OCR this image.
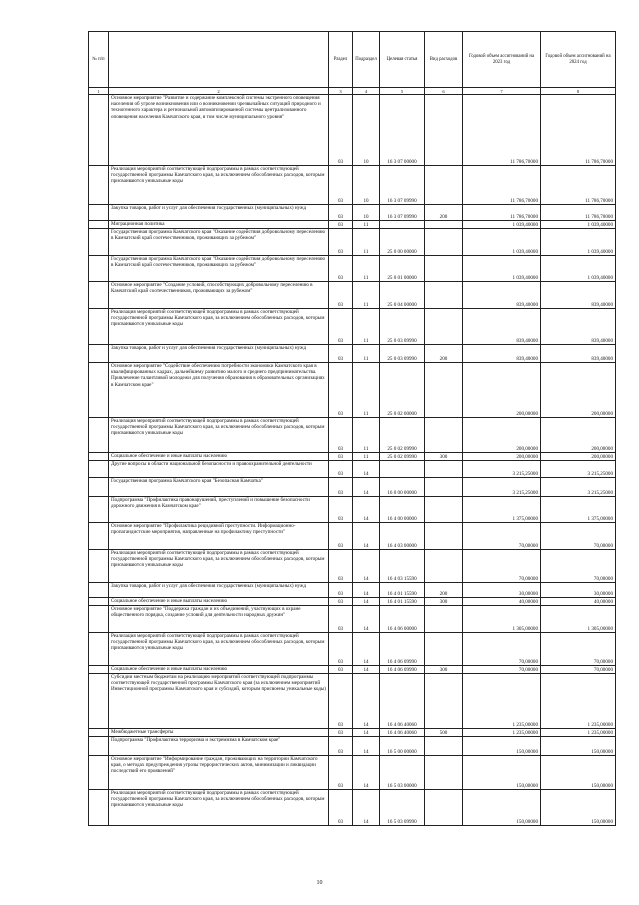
№ п/п		Раздел	Подраздел	Целевая статья	Вид расходов	Годовой объем ассигнований на 2023 год	Годовой объем ассигнований на 2024 год
1	2	3	4	5	6	7	8
	Основное мероприятие "Развитие и содержание комплексной системы экстренного оповещения населения об угрозе возникновения или о возникновении чрезвычайных ситуаций природного и техногенного характера и региональной автоматизированной системы централизованного оповещения населения Камчатского края, в том числе муниципального уровня"	03	10	16 3 07 00000		11 786,70000	11 786,70000
	Реализация мероприятий соответствующей подпрограммы в рамках соответствующей государственной программы Камчатского края, за исключением обособленных расходов, которым присваиваются уникальные коды	03	10	16 3 07 09990		11 786,70000	11 786,70000
	Закупка товаров, работ и услуг для обеспечения государственных (муниципальных) нужд	03	10	16 3 07 09990	200	11 786,70000	11 786,70000
	Миграционная политика	03	11			1 039,40000	1 039,40000
	Государственная программа Камчатского края "Оказание содействия добровольному переселению в Камчатский край соотечественников, проживающих за рубежом"	03	11	25 0 00 00000		1 039,40000	1 039,40000
	Государственная программа Камчатского края "Оказание содействия добровольному переселению в Камчатский край соотечественников, проживающих за рубежом"	03	11	25 0 01 00000		1 039,40000	1 039,40000
	Основное мероприятие "Создание условий, способствующих добровольному переселению в Камчатский край соотечественников, проживающих за рубежом"	03	11	25 0 04 00000		839,40000	839,40000
	Реализация мероприятий соответствующей подпрограммы в рамках соответствующей государственной программы Камчатского края, за исключением обособленных расходов, которым присваиваются уникальные коды	03	11	25 0 03 09990		839,40000	839,40000
	Закупка товаров, работ и услуг для обеспечения государственных (муниципальных) нужд	03	11	25 0 03 09990	200	839,40000	839,40000
	Основное мероприятие "Содействие обеспечению потребности экономики Камчатского края в квалифицированных кадрах, дальнейшему развитию малого и среднего предпринимательства. Привлечение талантливой молодежи для получения образования в образовательных организациях в Камчатском крае"	03	11	25 0 02 00000		200,00000	200,00000
	Реализация мероприятий соответствующей подпрограммы в рамках соответствующей государственной программы Камчатского края, за исключением обособленных расходов, которым присваиваются уникальные коды	03	11	25 0 02 09990		200,00000	200,00000
	Социальное обеспечение и иные выплаты населению	03	11	25 0 02 09990	300	200,00000	200,00000
	Другие вопросы в области национальной безопасности и правоохранительной деятельности	03	14			3 215,25000	3 215,25000
	Государственная программа Камчатского края "Безопасная Камчатка"	03	14	16 0 00 00000		3 215,25000	3 215,25000
	Подпрограмма "Профилактика правонарушений, преступлений и повышение безопасности дорожного движения в Камчатском крае"	03	14	16 4 00 00000		1 375,00000	1 375,00000
	Основное мероприятие "Профилактика рецидивной преступности. Информационно-пропагандистские мероприятия, направленные на профилактику преступности"	03	14	16 4 03 00000		70,00000	70,00000
	Реализация мероприятий соответствующей подпрограммы в рамках соответствующей государственной программы Камчатского края, за исключением обособленных расходов, которым присваиваются уникальные коды	03	14	16 4 03 15590		70,00000	70,00000
	Закупка товаров, работ и услуг для обеспечения государственных (муниципальных) нужд	03	14	16 4 01 15590	200	30,00000	30,00000
	Социальное обеспечение и иные выплаты населению	03	14	16 4 01 15590	300	40,00000	40,00000
	Основное мероприятие "Поддержка граждан и их объединений, участвующих в охране общественного порядка, создание условий для деятельности народных дружин"	03	14	16 4 06 00000		1 305,00000	1 305,00000
	Реализация мероприятий соответствующей подпрограммы в рамках соответствующей государственной программы Камчатского края, за исключением обособленных расходов, которым присваиваются уникальные коды	03	14	16 4 06 09990		70,00000	70,00000
	Социальное обеспечение и иные выплаты населению	03	14	16 4 06 09990	300	70,00000	70,00000
	Субсидии местным бюджетам на реализацию мероприятий соответствующей подпрограммы соответствующей государственной программы Камчатского края (за исключением мероприятий Инвестиционной программы Камчатского края и субсидий, которым присвоены уникальные коды)	03	14	16 4 06 40060		1 235,00000	1 235,00000
	Межбюджетные трансферты	03	14	16 4 06 40060	500	1 235,00000	1 235,00000
	Подпрограмма "Профилактика терроризма и экстремизма в Камчатском крае"	03	14	16 5 00 00000		150,00000	150,00000
	Основное мероприятие "Информирование граждан, проживающих на территории Камчатского края, о методах предупреждения угрозы террористических актов, минимизации и ликвидации последствий его проявлений"	03	14	16 5 03 00000		150,00000	150,00000
	Реализация мероприятий соответствующей подпрограммы в рамках соответствующей государственной программы Камчатского края, за исключением обособленных расходов, которым присваиваются уникальные коды	03	14	16 5 03 09990		150,00000	150,00000
10
